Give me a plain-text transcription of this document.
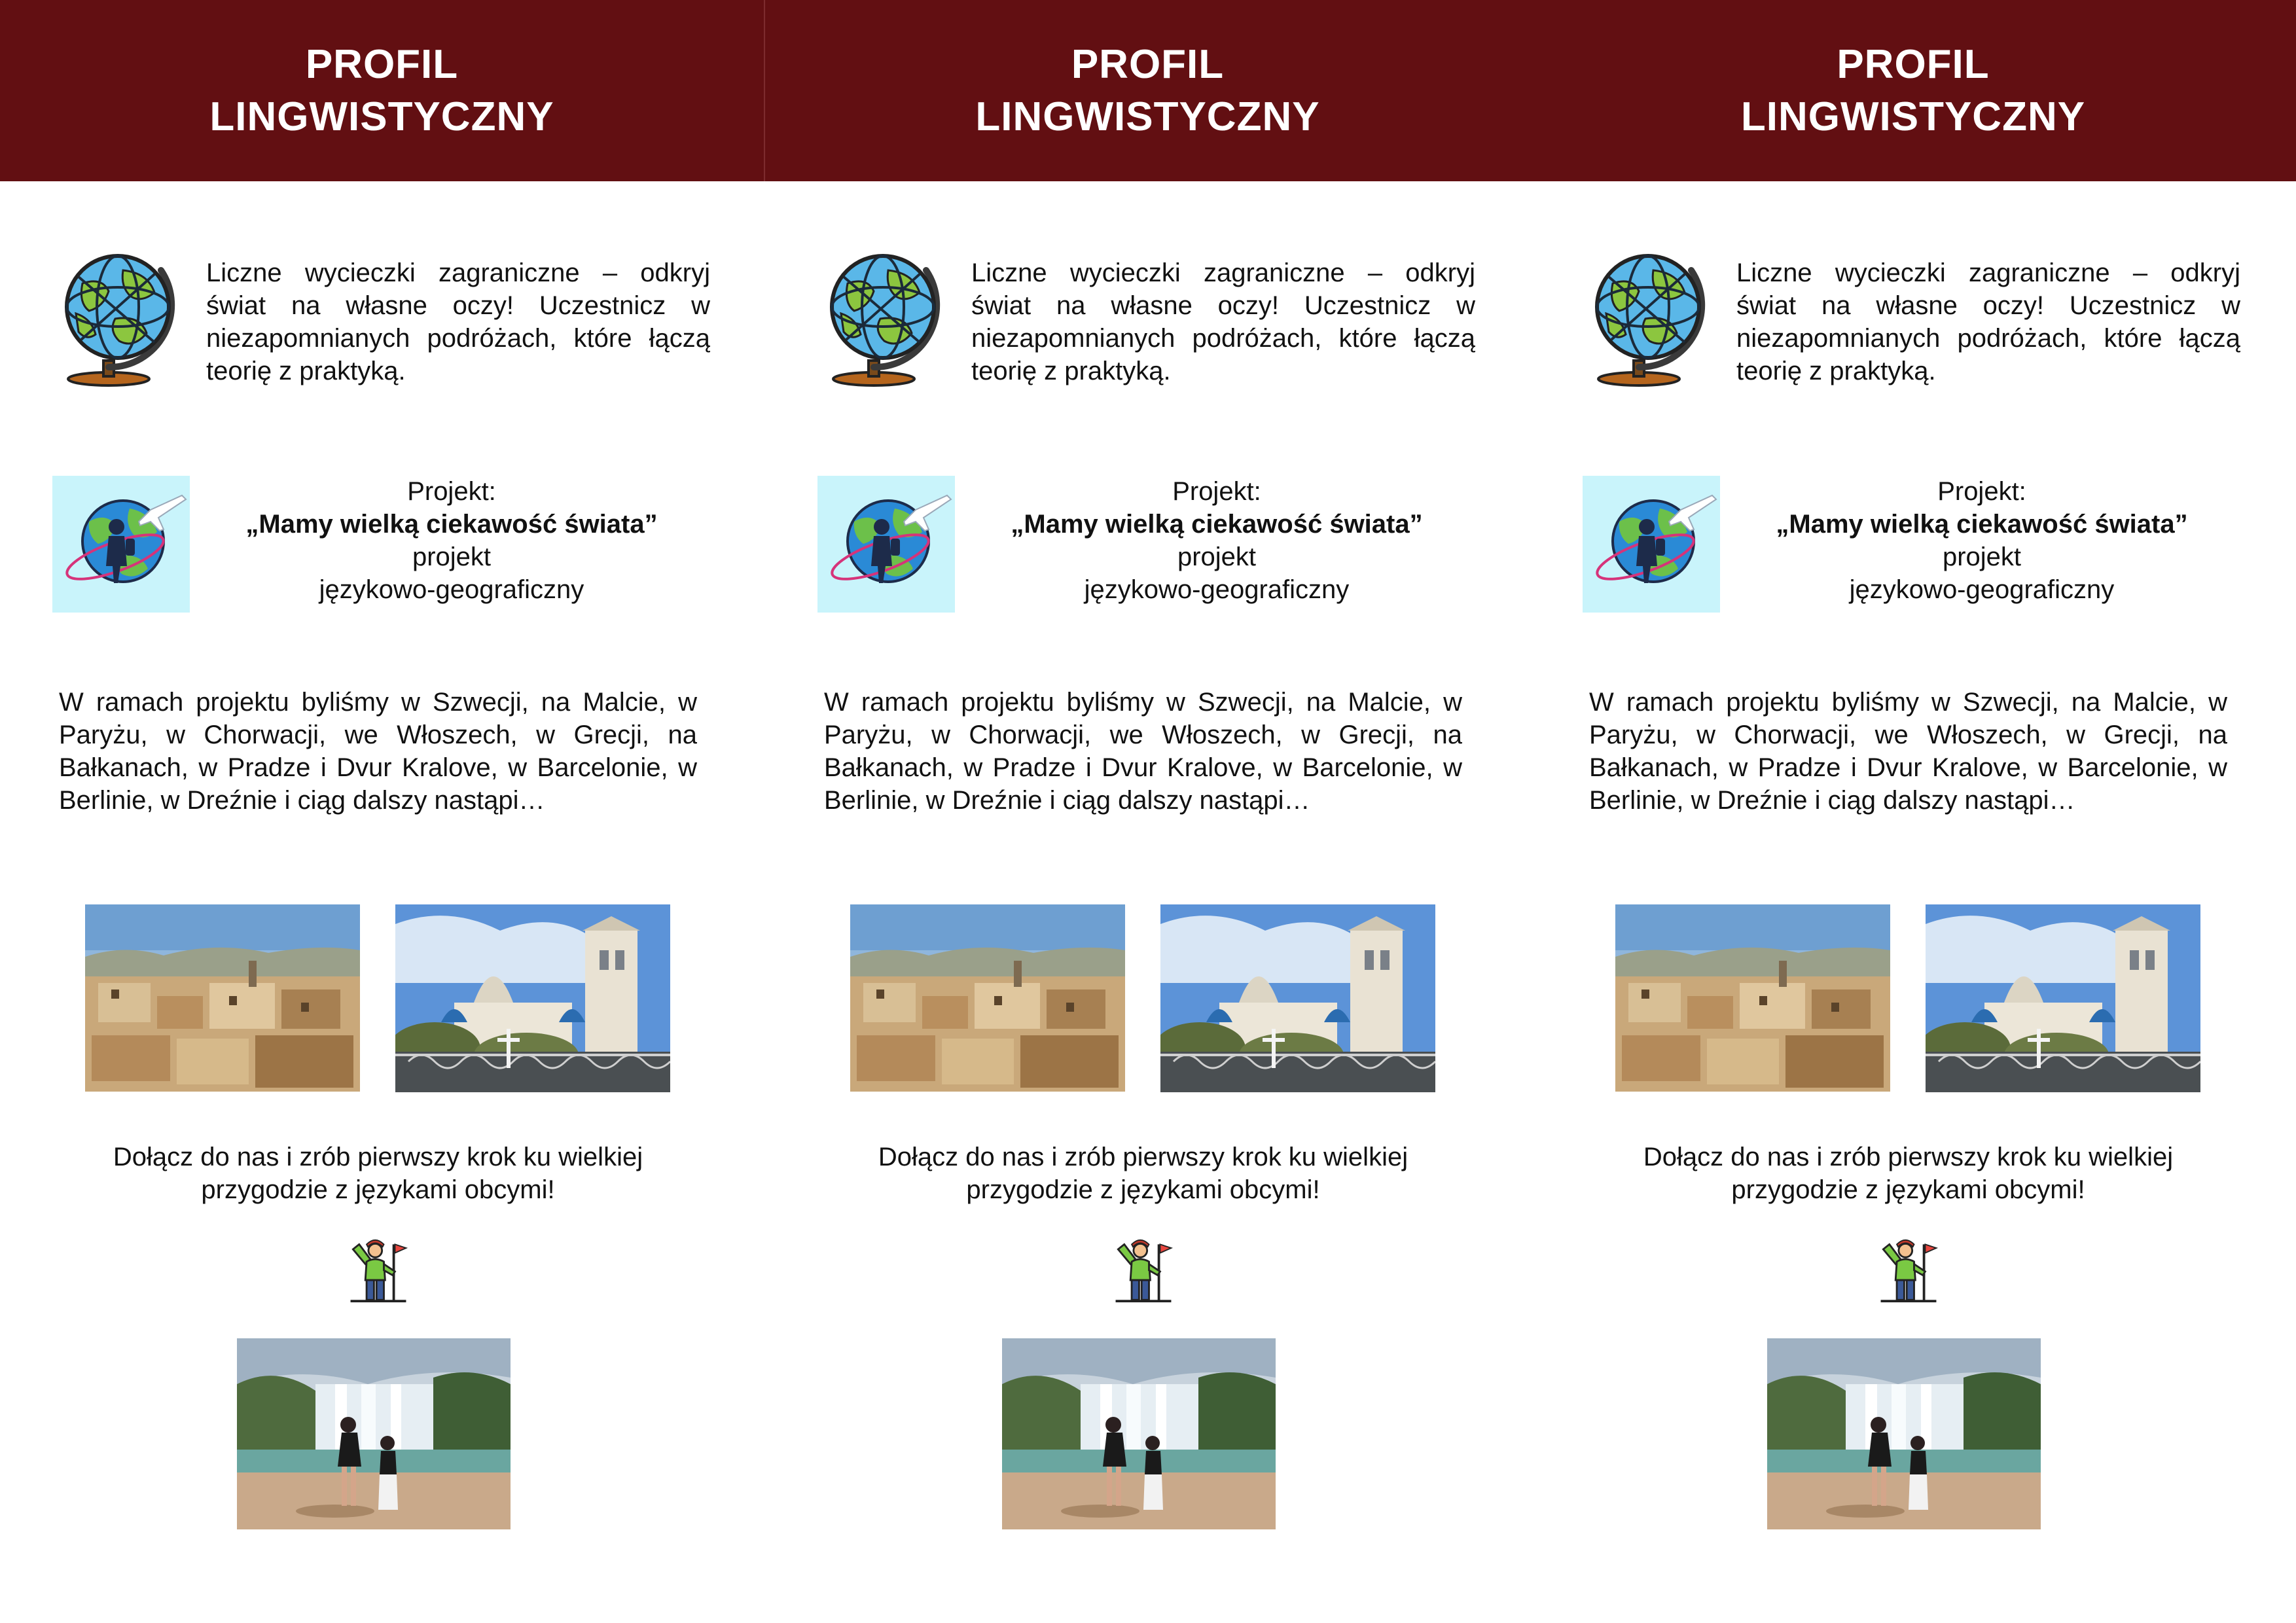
PROFIL
LINGWISTYCZNY
Liczne wycieczki zagraniczne – odkryj świat na własne oczy! Uczestnicz w niezapomnianych podróżach, które łączą teorię z praktyką.
Projekt:
„Mamy wielką ciekawość świata”
projekt
językowo-geograficzny
W ramach projektu byliśmy w Szwecji, na Malcie, w Paryżu, w Chorwacji, we Włoszech, w Grecji, na Bałkanach, w Pradze i Dvur Kralove, w Barcelonie, w Berlinie, w Dreźnie i ciąg dalszy nastąpi…
Dołącz do nas i zrób pierwszy krok ku wielkiej
przygodzie z językami obcymi!
PROFIL
LINGWISTYCZNY
Liczne wycieczki zagraniczne – odkryj świat na własne oczy! Uczestnicz w niezapomnianych podróżach, które łączą teorię z praktyką.
Projekt:
„Mamy wielką ciekawość świata”
projekt
językowo-geograficzny
W ramach projektu byliśmy w Szwecji, na Malcie, w Paryżu, w Chorwacji, we Włoszech, w Grecji, na Bałkanach, w Pradze i Dvur Kralove, w Barcelonie, w Berlinie, w Dreźnie i ciąg dalszy nastąpi…
Dołącz do nas i zrób pierwszy krok ku wielkiej
przygodzie z językami obcymi!
PROFIL
LINGWISTYCZNY
Liczne wycieczki zagraniczne – odkryj świat na własne oczy! Uczestnicz w niezapomnianych podróżach, które łączą teorię z praktyką.
Projekt:
„Mamy wielką ciekawość świata”
projekt
językowo-geograficzny
W ramach projektu byliśmy w Szwecji, na Malcie, w Paryżu, w Chorwacji, we Włoszech, w Grecji, na Bałkanach, w Pradze i Dvur Kralove, w Barcelonie, w Berlinie, w Dreźnie i ciąg dalszy nastąpi…
Dołącz do nas i zrób pierwszy krok ku wielkiej
przygodzie z językami obcymi!
